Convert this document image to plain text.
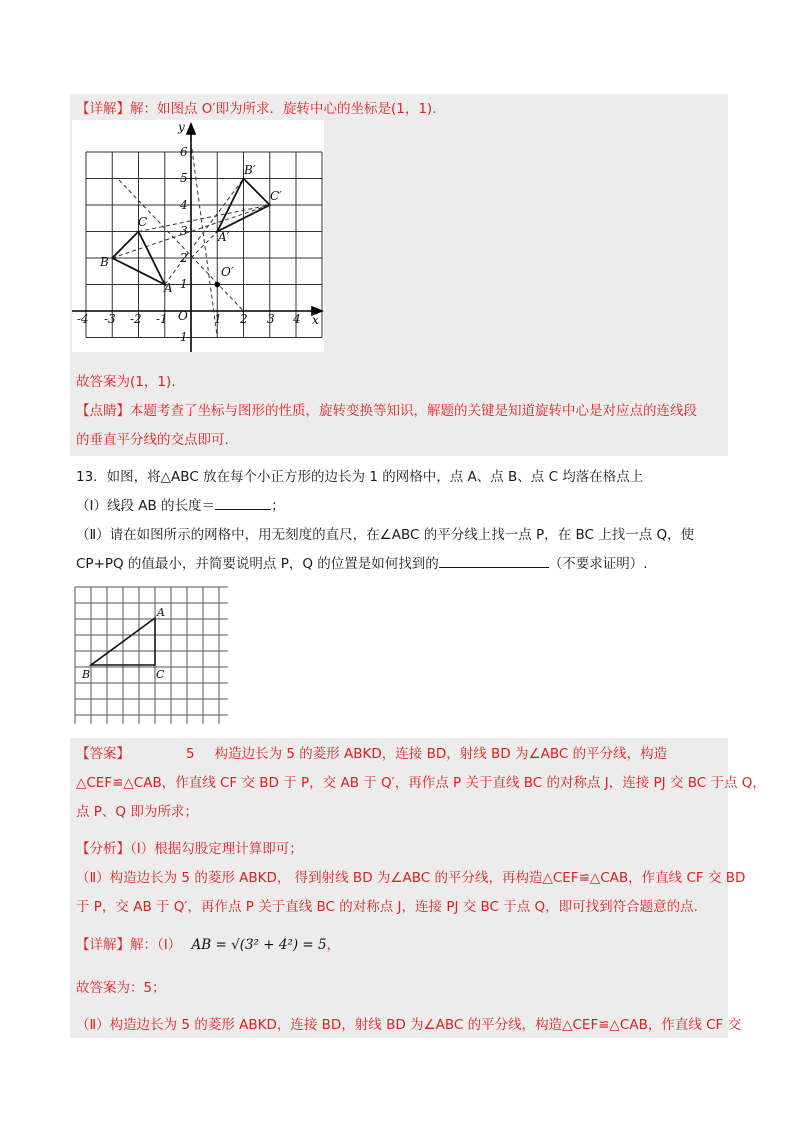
【详解】解：如图点 O′即为所求．旋转中心的坐标是(1，1).
y
x
O
-4 -3 -2 -1	1 2 3 4
6
5
4
3
2
1
-1
A
B
C
A′
B′
C′
O′
故答案为(1，1).
【点睛】本题考查了坐标与图形的性质，旋转变换等知识，解题的关键是知道旋转中心是对应点的连线段
的垂直平分线的交点即可.
13．如图，将△ABC 放在每个小正方形的边长为 1 的网格中，点 A、点 B、点 C 均落在格点上
（Ⅰ）线段 AB 的长度＝	；
（Ⅱ）请在如图所示的网格中，用无刻度的直尺，在∠ABC 的平分线上找一点 P，在 BC 上找一点 Q，使
CP+PQ 的值最小，并简要说明点 P，Q 的位置是如何找到的	（不要求证明）.
A
B	C
【答案】	5 构造边长为 5 的菱形 ABKD，连接 BD，射线 BD 为∠ABC 的平分线，构造
△CEF≌△CAB，作直线 CF 交 BD 于 P，交 AB 于 Q′，再作点 P 关于直线 BC 的对称点 J，连接 PJ 交 BC 于点 Q，
点 P、Q 即为所求；
【分析】（Ⅰ）根据勾股定理计算即可；
（Ⅱ）构造边长为 5 的菱形 ABKD， 得到射线 BD 为∠ABC 的平分线，再构造△CEF≌△CAB，作直线 CF 交 BD
于 P，交 AB 于 Q′，再作点 P 关于直线 BC 的对称点 J，连接 PJ 交 BC 于点 Q，即可找到符合题意的点.
【详解】解：（Ⅰ） AB = √(3² + 4²) = 5，
故答案为：5；
（Ⅱ）构造边长为 5 的菱形 ABKD，连接 BD，射线 BD 为∠ABC 的平分线，构造△CEF≌△CAB，作直线 CF 交
